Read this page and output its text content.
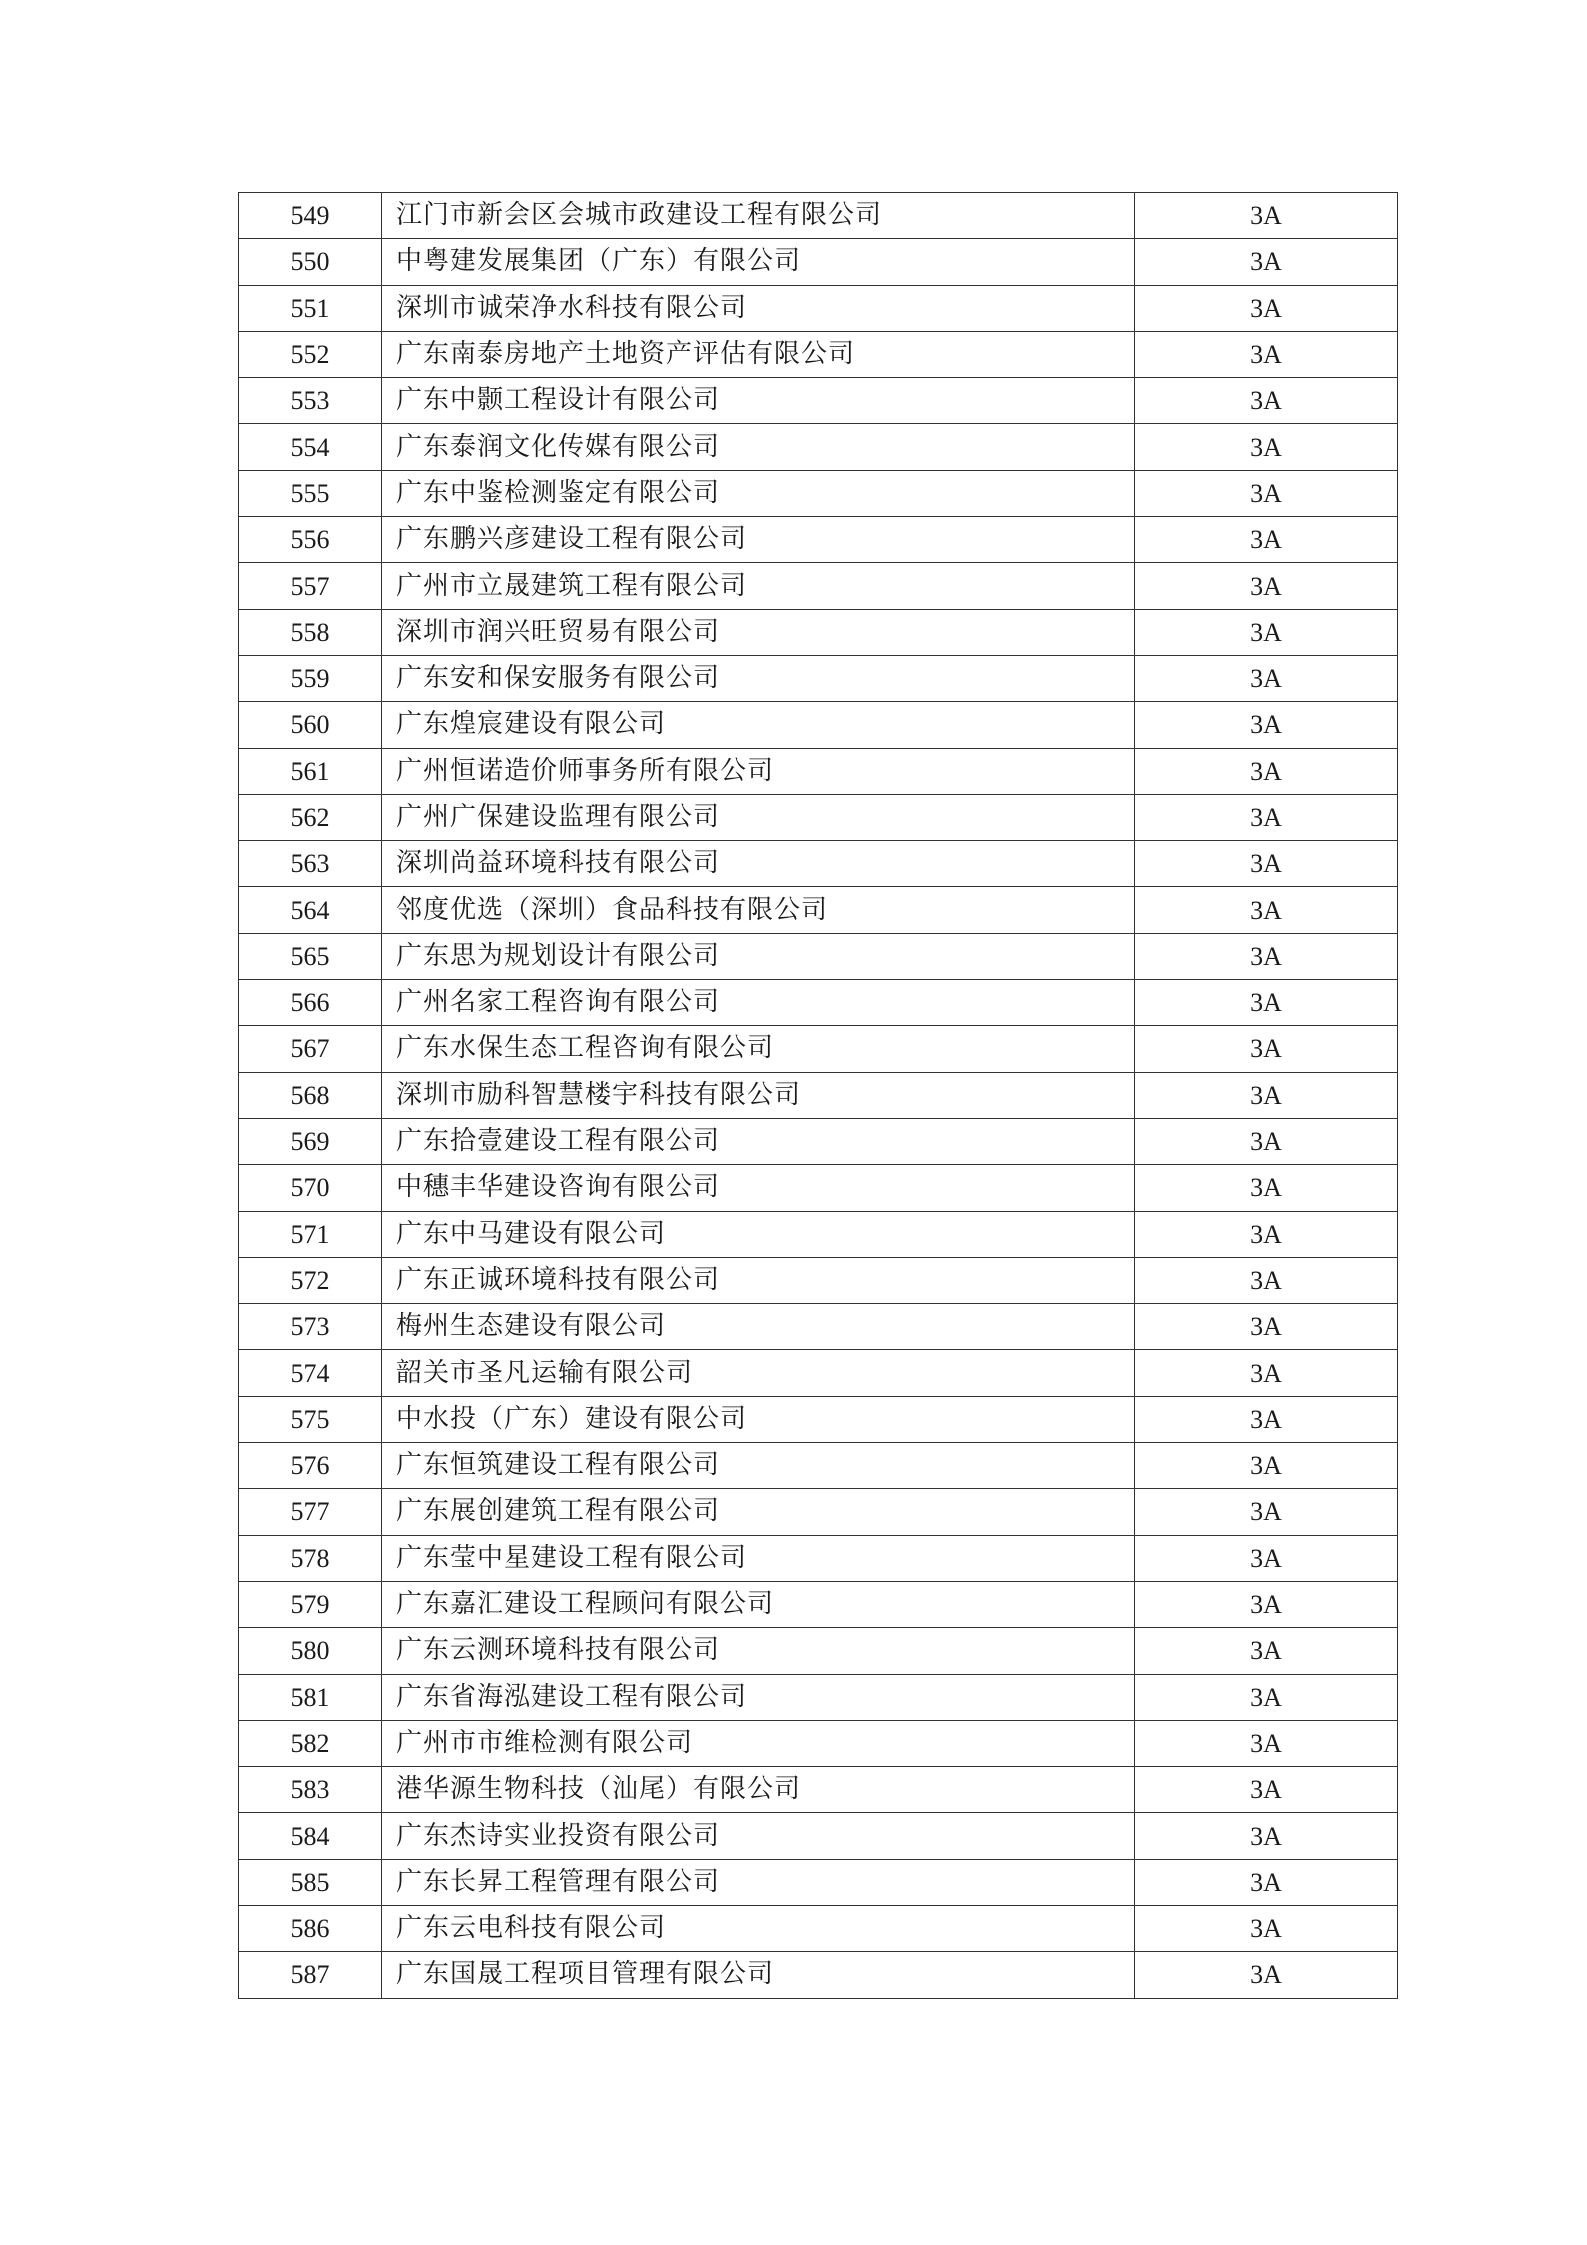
549	江门市新会区会城市政建设工程有限公司	3A
550	中粤建发展集团（广东）有限公司	3A
551	深圳市诚荣净水科技有限公司	3A
552	广东南泰房地产土地资产评估有限公司	3A
553	广东中颢工程设计有限公司	3A
554	广东泰润文化传媒有限公司	3A
555	广东中鉴检测鉴定有限公司	3A
556	广东鹏兴彦建设工程有限公司	3A
557	广州市立晟建筑工程有限公司	3A
558	深圳市润兴旺贸易有限公司	3A
559	广东安和保安服务有限公司	3A
560	广东煌宸建设有限公司	3A
561	广州恒诺造价师事务所有限公司	3A
562	广州广保建设监理有限公司	3A
563	深圳尚益环境科技有限公司	3A
564	邻度优选（深圳）食品科技有限公司	3A
565	广东思为规划设计有限公司	3A
566	广州名家工程咨询有限公司	3A
567	广东水保生态工程咨询有限公司	3A
568	深圳市励科智慧楼宇科技有限公司	3A
569	广东拾壹建设工程有限公司	3A
570	中穗丰华建设咨询有限公司	3A
571	广东中马建设有限公司	3A
572	广东正诚环境科技有限公司	3A
573	梅州生态建设有限公司	3A
574	韶关市圣凡运输有限公司	3A
575	中水投（广东）建设有限公司	3A
576	广东恒筑建设工程有限公司	3A
577	广东展创建筑工程有限公司	3A
578	广东莹中星建设工程有限公司	3A
579	广东嘉汇建设工程顾问有限公司	3A
580	广东云测环境科技有限公司	3A
581	广东省海泓建设工程有限公司	3A
582	广州市市维检测有限公司	3A
583	港华源生物科技（汕尾）有限公司	3A
584	广东杰诗实业投资有限公司	3A
585	广东长昇工程管理有限公司	3A
586	广东云电科技有限公司	3A
587	广东国晟工程项目管理有限公司	3A
